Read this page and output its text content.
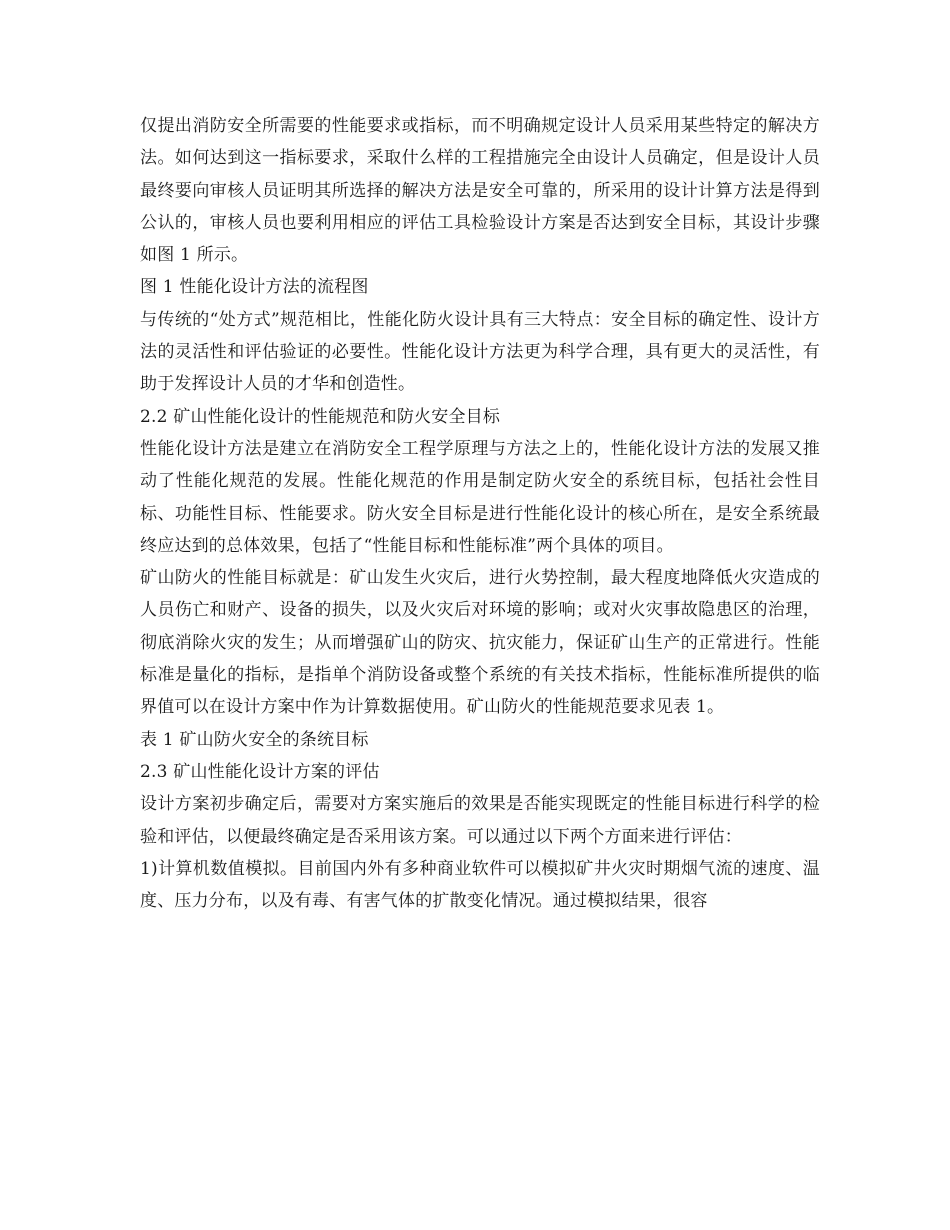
仅提出消防安全所需要的性能要求或指标，而不明确规定设计人员采用某些特定的解决方法。如何达到这一指标要求，采取什么样的工程措施完全由设计人员确定，但是设计人员最终要向审核人员证明其所选择的解决方法是安全可靠的，所采用的设计计算方法是得到公认的，审核人员也要利用相应的评估工具检验设计方案是否达到安全目标，其设计步骤如图 1 所示。

图 1 性能化设计方法的流程图

与传统的“处方式”规范相比，性能化防火设计具有三大特点：安全目标的确定性、设计方法的灵活性和评估验证的必要性。性能化设计方法更为科学合理，具有更大的灵活性，有助于发挥设计人员的才华和创造性。

2.2 矿山性能化设计的性能规范和防火安全目标

性能化设计方法是建立在消防安全工程学原理与方法之上的，性能化设计方法的发展又推动了性能化规范的发展。性能化规范的作用是制定防火安全的系统目标，包括社会性目标、功能性目标、性能要求。防火安全目标是进行性能化设计的核心所在，是安全系统最终应达到的总体效果，包括了“性能目标和性能标准”两个具体的项目。

矿山防火的性能目标就是：矿山发生火灾后，进行火势控制，最大程度地降低火灾造成的人员伤亡和财产、设备的损失，以及火灾后对环境的影响；或对火灾事故隐患区的治理，彻底消除火灾的发生；从而增强矿山的防灾、抗灾能力，保证矿山生产的正常进行。性能标准是量化的指标，是指单个消防设备或整个系统的有关技术指标，性能标准所提供的临界值可以在设计方案中作为计算数据使用。矿山防火的性能规范要求见表 1。

表 1 矿山防火安全的条统目标

2.3 矿山性能化设计方案的评估

设计方案初步确定后，需要对方案实施后的效果是否能实现既定的性能目标进行科学的检验和评估，以便最终确定是否采用该方案。可以通过以下两个方面来进行评估：

1)计算机数值模拟。目前国内外有多种商业软件可以模拟矿井火灾时期烟气流的速度、温度、压力分布，以及有毒、有害气体的扩散变化情况。通过模拟结果，很容
